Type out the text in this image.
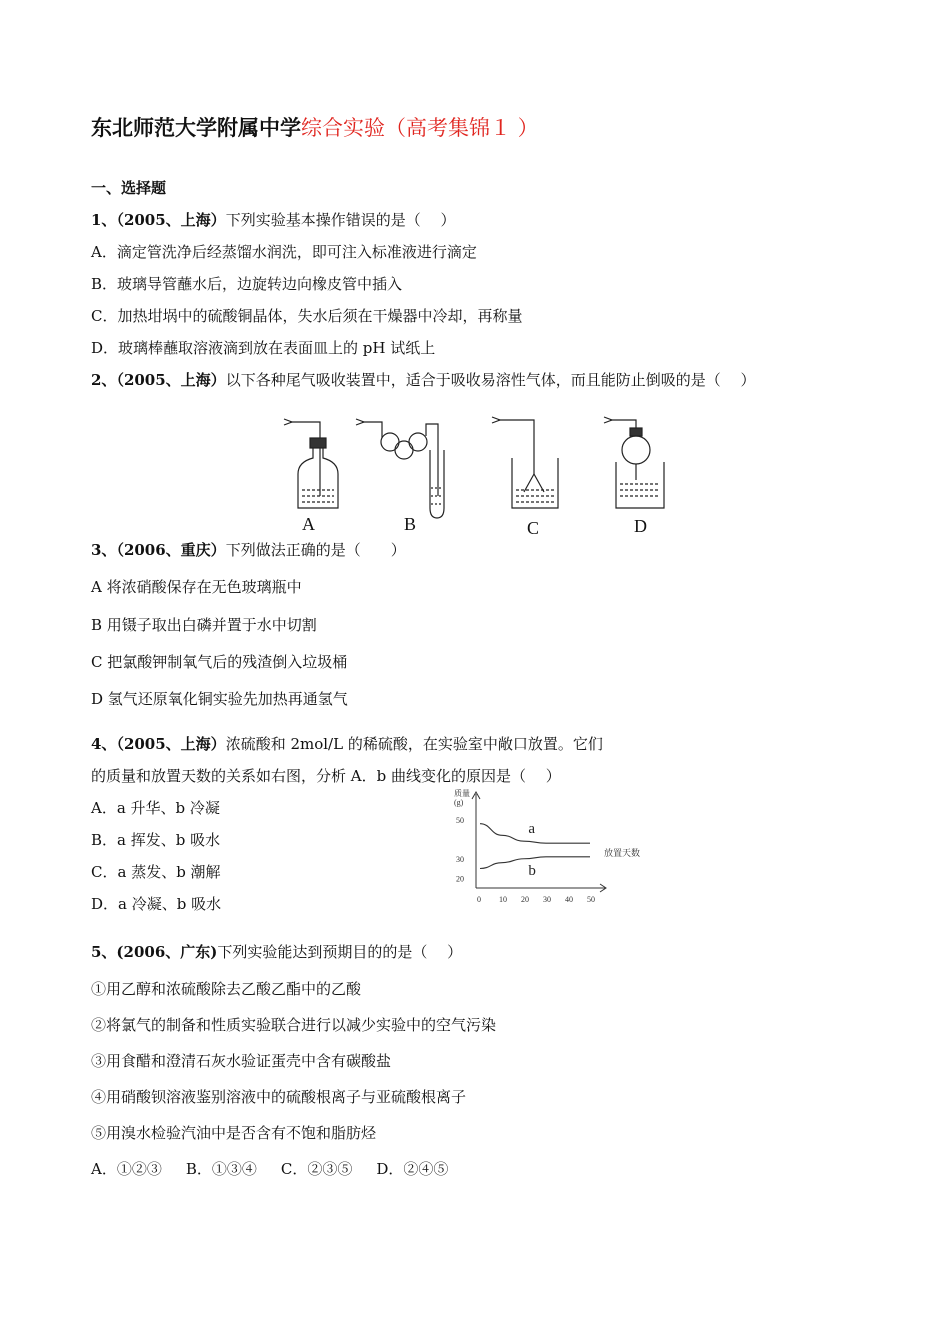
东北师范大学附属中学综合实验（高考集锦１ ）
一、选择题
1、（2005、上海）下列实验基本操作错误的是（　 ）
A．滴定管洗净后经蒸馏水润洗，即可注入标准液进行滴定
B．玻璃导管蘸水后，边旋转边向橡皮管中插入
C．加热坩埚中的硫酸铜晶体，失水后须在干燥器中冷却，再称量
D．玻璃棒蘸取溶液滴到放在表面皿上的 pH 试纸上
2、（2005、上海）以下各种尾气吸收装置中，适合于吸收易溶性气体，而且能防止倒吸的是（　 ）
A	B	C	D
3、（2006、重庆）下列做法正确的是（　　）
A 将浓硝酸保存在无色玻璃瓶中
B 用镊子取出白磷并置于水中切割
C 把氯酸钾制氧气后的残渣倒入垃圾桶
D 氢气还原氧化铜实验先加热再通氢气
4、（2005、上海）浓硫酸和 2mol/L 的稀硫酸，在实验室中敞口放置。它们
的质量和放置天数的关系如右图，分析 A．b 曲线变化的原因是（　 ）
A．a 升华、b 冷凝
B．a 挥发、b 吸水
C．a 蒸发、b 潮解
D．a 冷凝、b 吸水
质量(g)
放置天数
0 10 20 30 40 50
20
30
50
a
b
5、(2006、广东)下列实验能达到预期目的的是（　 ）
①用乙醇和浓硫酸除去乙酸乙酯中的乙酸
②将氯气的制备和性质实验联合进行以减少实验中的空气污染
③用食醋和澄清石灰水验证蛋壳中含有碳酸盐
④用硝酸钡溶液鉴别溶液中的硫酸根离子与亚硫酸根离子
⑤用溴水检验汽油中是否含有不饱和脂肪烃
A．①②③ B．①③④ C．②③⑤ D．②④⑤
